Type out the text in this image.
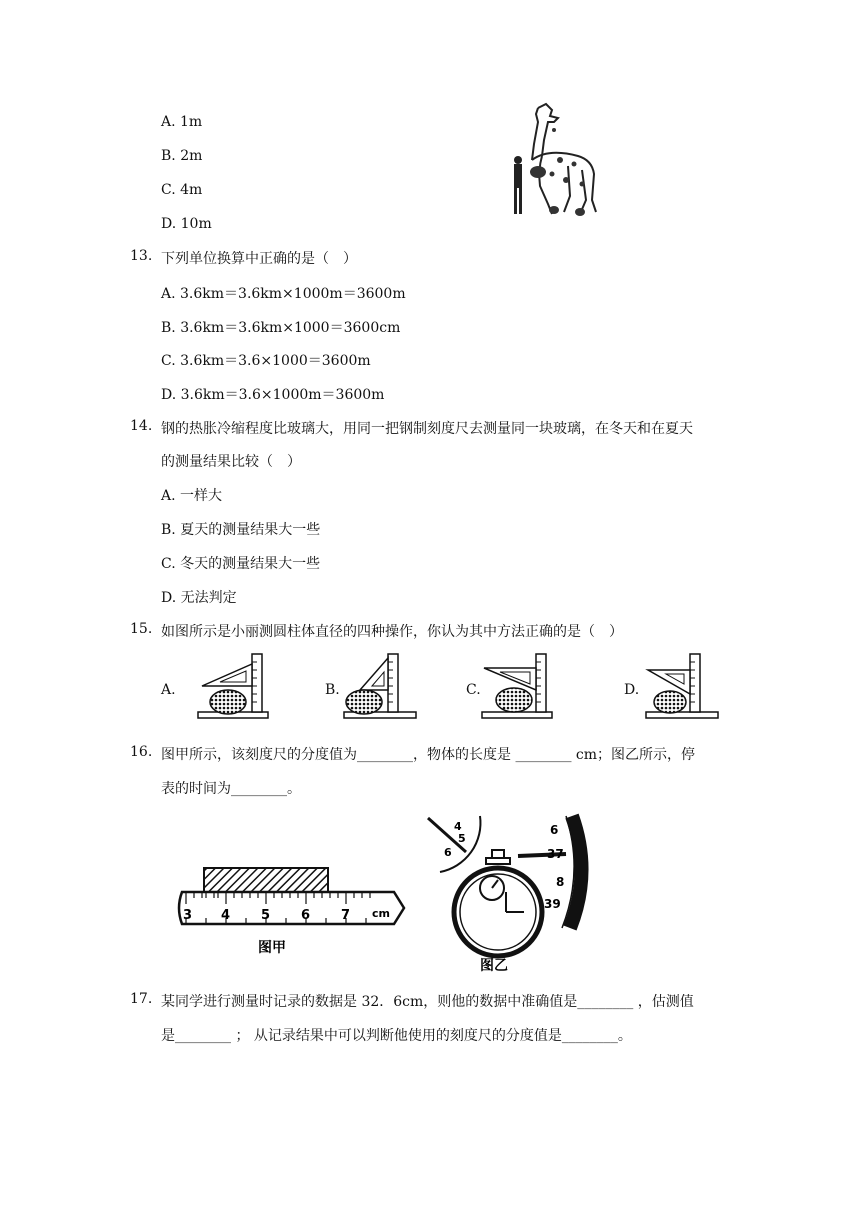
A. 1m
B. 2m
C. 4m
D. 10m
13. 下列单位换算中正确的是（　）
A. 3.6km＝3.6km×1000m＝3600m
B. 3.6km＝3.6km×1000＝3600cm
C. 3.6km＝3.6×1000＝3600m
D. 3.6km＝3.6×1000m＝3600m
14. 钢的热胀冷缩程度比玻璃大，用同一把钢制刻度尺去测量同一块玻璃，在冬天和在夏天
的测量结果比较（　）
A. 一样大
B. 夏天的测量结果大一些
C. 冬天的测量结果大一些
D. 无法判定
15. 如图所示是小丽测圆柱体直径的四种操作，你认为其中方法正确的是（　）
A.	B.	C.	D.
16. 图甲所示，该刻度尺的分度值为________，物体的长度是 ________ cm；图乙所示，停
表的时间为________。
3 4 5 6 7 cm
图甲
4
5
6
6
37
8
39
图乙
17. 某同学进行测量时记录的数据是 32．6cm，则他的数据中准确值是________ ，估测值
是________ ； 从记录结果中可以判断他使用的刻度尺的分度值是________。
